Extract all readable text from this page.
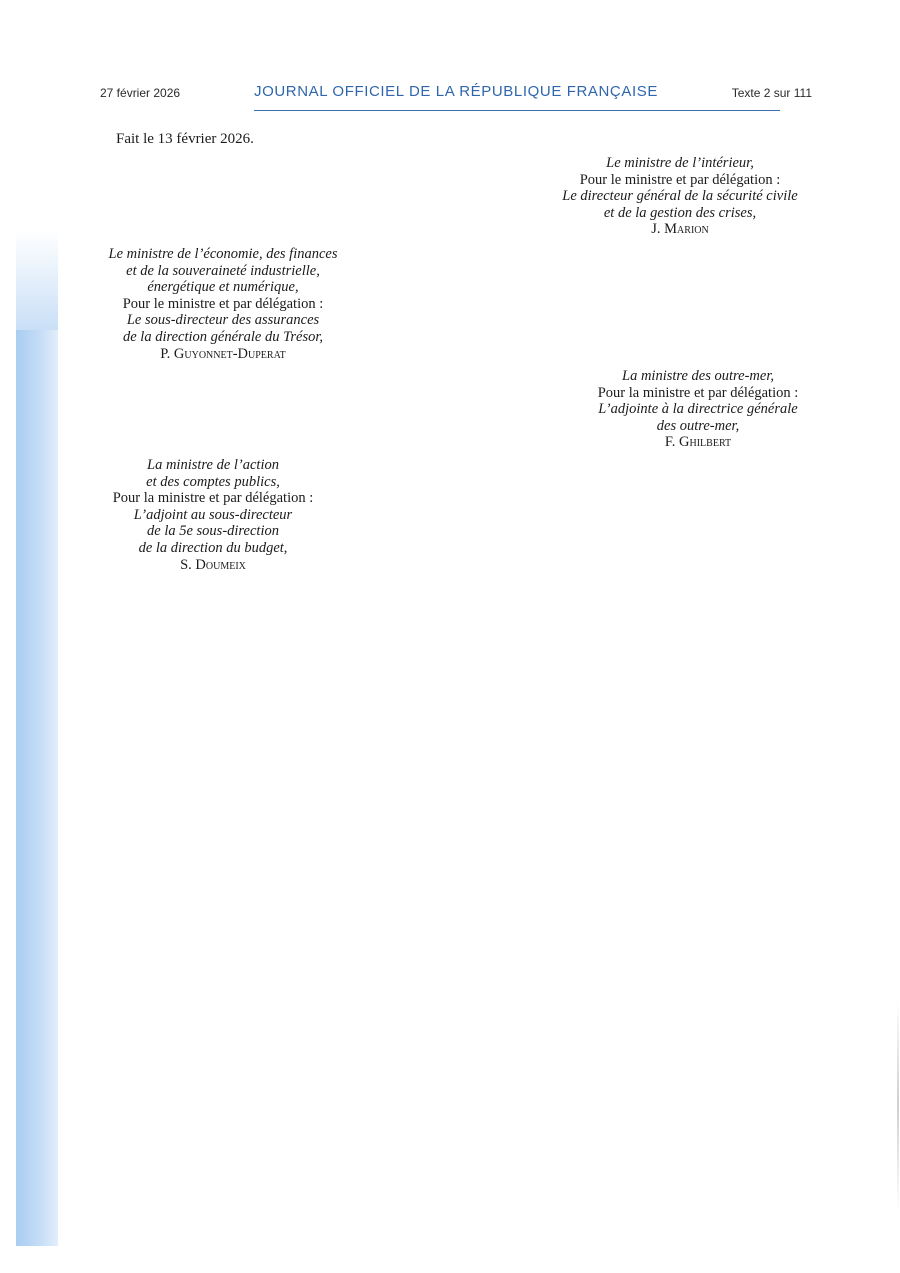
27 février 2026	JOURNAL OFFICIEL DE LA RÉPUBLIQUE FRANÇAISE	Texte 2 sur 111
Fait le 13 février 2026.
Le ministre de l’intérieur,
Pour le ministre et par délégation :
Le directeur général de la sécurité civile
et de la gestion des crises,
J. Marion
Le ministre de l’économie, des finances
et de la souveraineté industrielle,
énergétique et numérique,
Pour le ministre et par délégation :
Le sous-directeur des assurances
de la direction générale du Trésor,
P. Guyonnet-Duperat
La ministre des outre-mer,
Pour la ministre et par délégation :
L’adjointe à la directrice générale
des outre-mer,
F. Ghilbert
La ministre de l’action
et des comptes publics,
Pour la ministre et par délégation :
L’adjoint au sous-directeur
de la 5e sous-direction
de la direction du budget,
S. Doumeix
